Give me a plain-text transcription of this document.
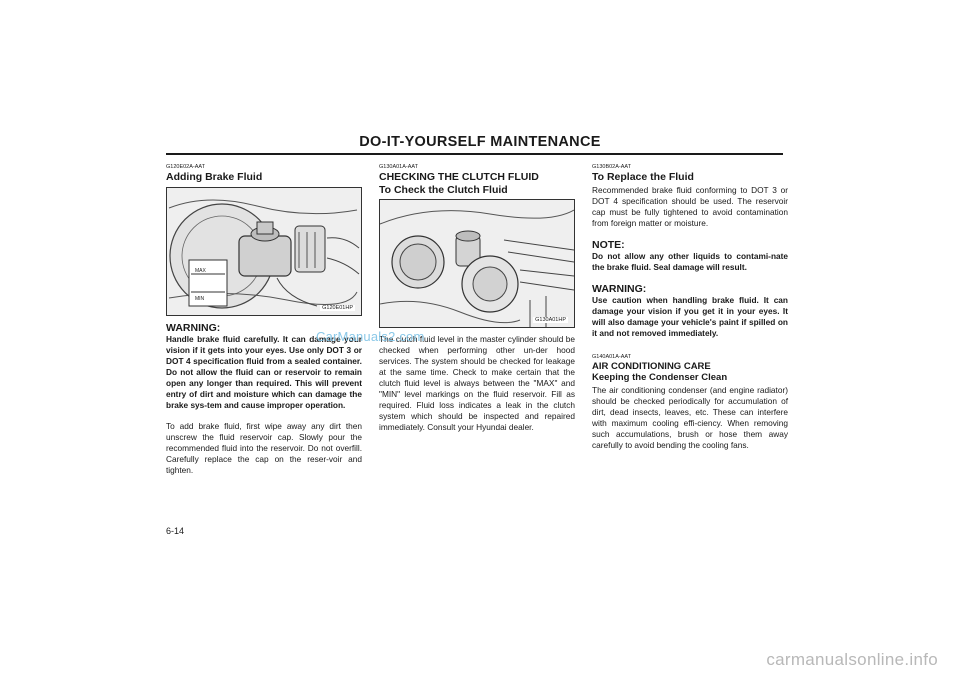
DO-IT-YOURSELF MAINTENANCE

G120E02A-AAT

Adding Brake Fluid

MAX
MIN
G120E01HP

WARNING:

Handle brake fluid carefully. It can damage your vision if it gets into your eyes. Use only DOT 3 or DOT 4 specification fluid from a sealed container. Do not allow the fluid can or reservoir to remain open any longer than required. This will prevent entry of dirt and moisture which can damage the brake sys-tem and cause improper operation.

To add brake fluid, first wipe away any dirt then unscrew the fluid reservoir cap. Slowly pour the recommended fluid into the reservoir. Do not overfill. Carefully replace the cap on the reser-voir and tighten.

G130A01A-AAT

CHECKING THE CLUTCH FLUID

To Check the Clutch Fluid

G130A01HP

The clutch fluid level in the master cylinder should be checked when performing other un-der hood services. The system should be checked for leakage at the same time. Check to make certain that the clutch fluid level is always between the "MAX" and "MIN" level markings on the fluid reservoir. Fill as required. Fluid loss indicates a leak in the clutch system which should be inspected and repaired immediately. Consult your Hyundai dealer.

G130B02A-AAT

To Replace the Fluid

Recommended brake fluid conforming to DOT 3 or DOT 4 specification should be used. The reservoir cap must be fully tightened to avoid contamination from foreign matter or moisture.

NOTE:

Do not allow any other liquids to contami-nate the brake fluid. Seal damage will result.

WARNING:

Use caution when handling brake fluid. It can damage your vision if you get it in your eyes. It will also damage your vehicle's paint if spilled on it and not removed immediately.

G140A01A-AAT

AIR CONDITIONING CARE

Keeping the Condenser Clean

The air conditioning condenser (and engine radiator) should be checked periodically for accumulation of dirt, dead insects, leaves, etc. These can interfere with maximum cooling effi-ciency. When removing such accumulations, brush or hose them away carefully to avoid bending the cooling fans.

6-14
CarManuals2.com
carmanualsonline.info
